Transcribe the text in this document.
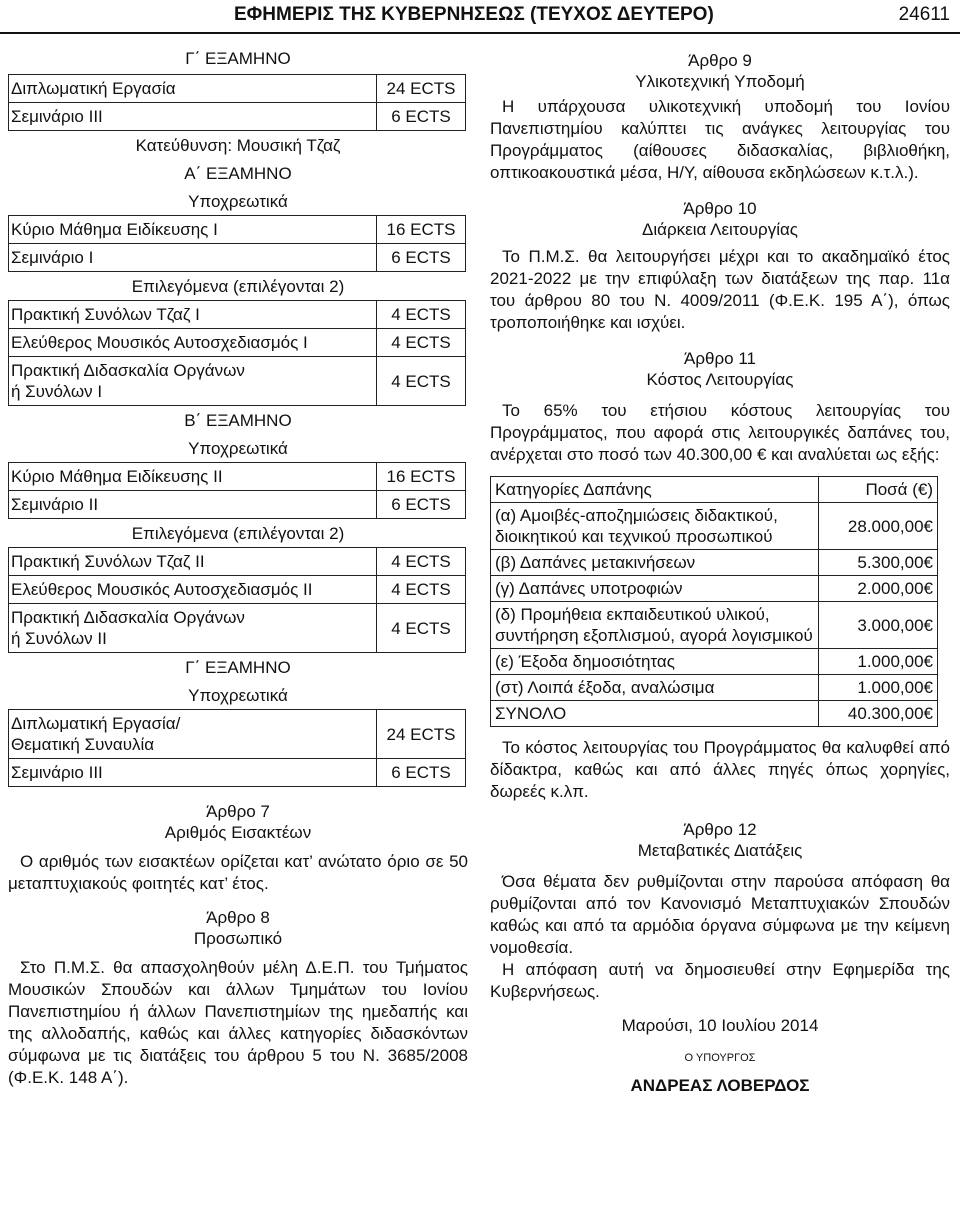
ΕΦΗΜΕΡΙΣ ΤΗΣ ΚΥΒΕΡΝΗΣΕΩΣ (ΤΕΥΧΟΣ ΔΕΥΤΕΡΟ)	24611
Γ΄ ΕΞΑΜΗΝΟ
Διπλωματική Εργασία	24 ECTS
Σεμινάριο ΙΙΙ	6 ECTS
Κατεύθυνση: Μουσική Τζαζ
Α΄ ΕΞΑΜΗΝΟ
Υποχρεωτικά
Κύριο Μάθημα Ειδίκευσης Ι	16 ECTS
Σεμινάριο Ι	6 ECTS
Επιλεγόμενα (επιλέγονται 2)
Πρακτική Συνόλων Τζαζ Ι	4 ECTS
Ελεύθερος Μουσικός Αυτοσχεδιασμός Ι	4 ECTS
Πρακτική Διδασκαλία Οργάνων
ή Συνόλων Ι	4 ECTS
Β΄ ΕΞΑΜΗΝΟ
Υποχρεωτικά
Κύριο Μάθημα Ειδίκευσης ΙΙ	16 ECTS
Σεμινάριο ΙΙ	6 ECTS
Επιλεγόμενα (επιλέγονται 2)
Πρακτική Συνόλων Τζαζ ΙΙ	4 ECTS
Ελεύθερος Μουσικός Αυτοσχεδιασμός ΙΙ	4 ECTS
Πρακτική Διδασκαλία Οργάνων
ή Συνόλων ΙΙ	4 ECTS
Γ΄ ΕΞΑΜΗΝΟ
Υποχρεωτικά
Διπλωματική Εργασία/
Θεματική Συναυλία	24 ECTS
Σεμινάριο ΙΙΙ	6 ECTS
Άρθρο 7
Αριθμός Εισακτέων
Ο αριθμός των εισακτέων ορίζεται κατ’ ανώτατο όριο σε 50 μεταπτυχιακούς φοιτητές κατ’ έτος.
Άρθρο 8
Προσωπικό
Στο Π.Μ.Σ. θα απασχοληθούν μέλη Δ.Ε.Π. του Τμήματος Μουσικών Σπουδών και άλλων Τμημάτων του Ιονίου Πανεπιστημίου ή άλλων Πανεπιστημίων της ημεδαπής και της αλλοδαπής, καθώς και άλλες κατηγορίες διδασκόντων σύμφωνα με τις διατάξεις του άρθρου 5 του Ν. 3685/2008 (Φ.Ε.Κ. 148 Α΄).
Άρθρο 9
Υλικοτεχνική Υποδομή
Η υπάρχουσα υλικοτεχνική υποδομή του Ιονίου Πανεπιστημίου καλύπτει τις ανάγκες λειτουργίας του Προγράμματος (αίθουσες διδασκαλίας, βιβλιοθήκη, οπτικοακουστικά μέσα, Η/Υ, αίθουσα εκδηλώσεων κ.τ.λ.).
Άρθρο 10
Διάρκεια Λειτουργίας
Το Π.Μ.Σ. θα λειτουργήσει μέχρι και το ακαδημαϊκό έτος 2021-2022 με την επιφύλαξη των διατάξεων της παρ. 11α του άρθρου 80 του Ν. 4009/2011 (Φ.Ε.Κ. 195 Α΄), όπως τροποποιήθηκε και ισχύει.
Άρθρο 11
Κόστος Λειτουργίας
Το 65% του ετήσιου κόστους λειτουργίας του Προγράμματος, που αφορά στις λειτουργικές δαπάνες του, ανέρχεται στο ποσό των 40.300,00 € και αναλύεται ως εξής:
Κατηγορίες Δαπάνης	Ποσά (€)
(α) Αμοιβές-αποζημιώσεις διδακτικού, διοικητικού και τεχνικού προσωπικού	28.000,00€
(β) Δαπάνες μετακινήσεων	5.300,00€
(γ) Δαπάνες υποτροφιών	2.000,00€
(δ) Προμήθεια εκπαιδευτικού υλικού, συντήρηση εξοπλισμού, αγορά λογισμικού	3.000,00€
(ε) Έξοδα δημοσιότητας	1.000,00€
(στ) Λοιπά έξοδα, αναλώσιμα	1.000,00€
ΣΥΝΟΛΟ	40.300,00€
Το κόστος λειτουργίας του Προγράμματος θα καλυφθεί από δίδακτρα, καθώς και από άλλες πηγές όπως χορηγίες, δωρεές κ.λπ.
Άρθρο 12
Μεταβατικές Διατάξεις
Όσα θέματα δεν ρυθμίζονται στην παρούσα απόφαση θα ρυθμίζονται από τον Κανονισμό Μεταπτυχιακών Σπουδών καθώς και από τα αρμόδια όργανα σύμφωνα με την κείμενη νομοθεσία.
Η απόφαση αυτή να δημοσιευθεί στην Εφημερίδα της Κυβερνήσεως.
Μαρούσι, 10 Ιουλίου 2014
Ο ΥΠΟΥΡΓΟΣ
ΑΝΔΡΕΑΣ ΛΟΒΕΡΔΟΣ
